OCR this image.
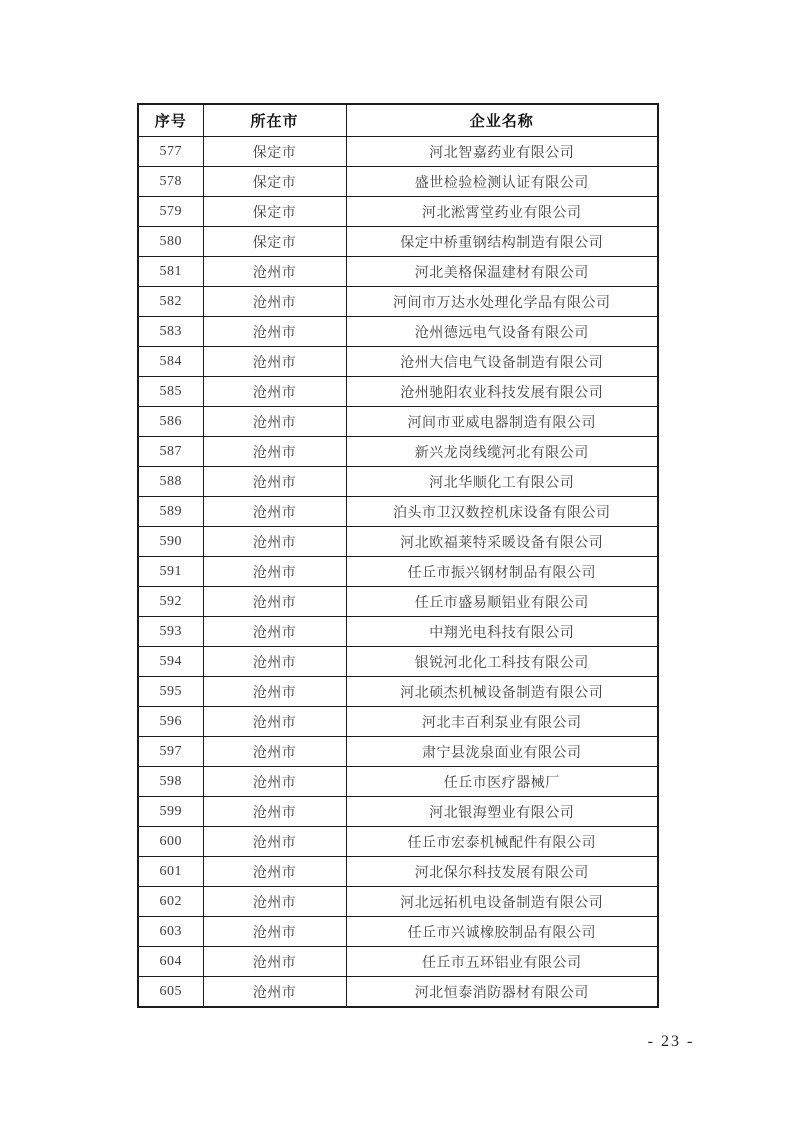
序号	所在市	企业名称
577	保定市	河北智嘉药业有限公司
578	保定市	盛世检验检测认证有限公司
579	保定市	河北淞霄堂药业有限公司
580	保定市	保定中桥重钢结构制造有限公司
581	沧州市	河北美格保温建材有限公司
582	沧州市	河间市万达水处理化学品有限公司
583	沧州市	沧州德远电气设备有限公司
584	沧州市	沧州大信电气设备制造有限公司
585	沧州市	沧州驰阳农业科技发展有限公司
586	沧州市	河间市亚威电器制造有限公司
587	沧州市	新兴龙岗线缆河北有限公司
588	沧州市	河北华顺化工有限公司
589	沧州市	泊头市卫汉数控机床设备有限公司
590	沧州市	河北欧福莱特采暖设备有限公司
591	沧州市	任丘市振兴钢材制品有限公司
592	沧州市	任丘市盛易顺铝业有限公司
593	沧州市	中翔光电科技有限公司
594	沧州市	银锐河北化工科技有限公司
595	沧州市	河北硕杰机械设备制造有限公司
596	沧州市	河北丰百利泵业有限公司
597	沧州市	肃宁县泷泉面业有限公司
598	沧州市	任丘市医疗器械厂
599	沧州市	河北银海塑业有限公司
600	沧州市	任丘市宏泰机械配件有限公司
601	沧州市	河北保尔科技发展有限公司
602	沧州市	河北远拓机电设备制造有限公司
603	沧州市	任丘市兴诚橡胶制品有限公司
604	沧州市	任丘市五环铝业有限公司
605	沧州市	河北恒泰消防器材有限公司
- 23 -
